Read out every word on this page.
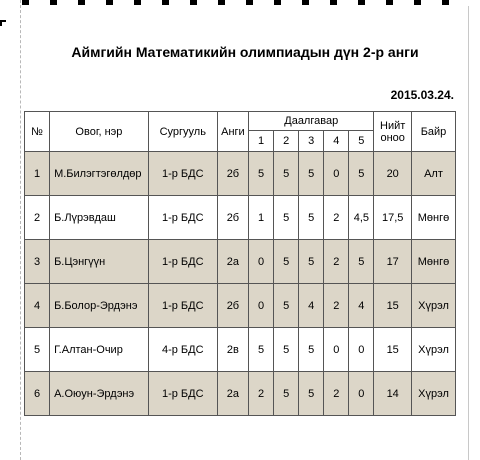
Аймгийн Математикийн олимпиадын дүн 2-р анги
2015.03.24.
№	Овог, нэр	Сургууль	Анги	Даалгавар					Нийт оноо	Байр
				1	2	3	4	5		
1	М.Билэгтэгөлдөр	1-р БДС	2б	5	5	5	0	5	20	Алт
2	Б.Лүрэвдаш	1-р БДС	2б	1	5	5	2	4,5	17,5	Мөнгө
3	Б.Цэнгүүн	1-р БДС	2а	0	5	5	2	5	17	Мөнгө
4	Б.Болор-Эрдэнэ	1-р БДС	2б	0	5	4	2	4	15	Хүрэл
5	Г.Алтан-Очир	4-р БДС	2в	5	5	5	0	0	15	Хүрэл
6	А.Оюун-Эрдэнэ	1-р БДС	2а	2	5	5	2	0	14	Хүрэл
